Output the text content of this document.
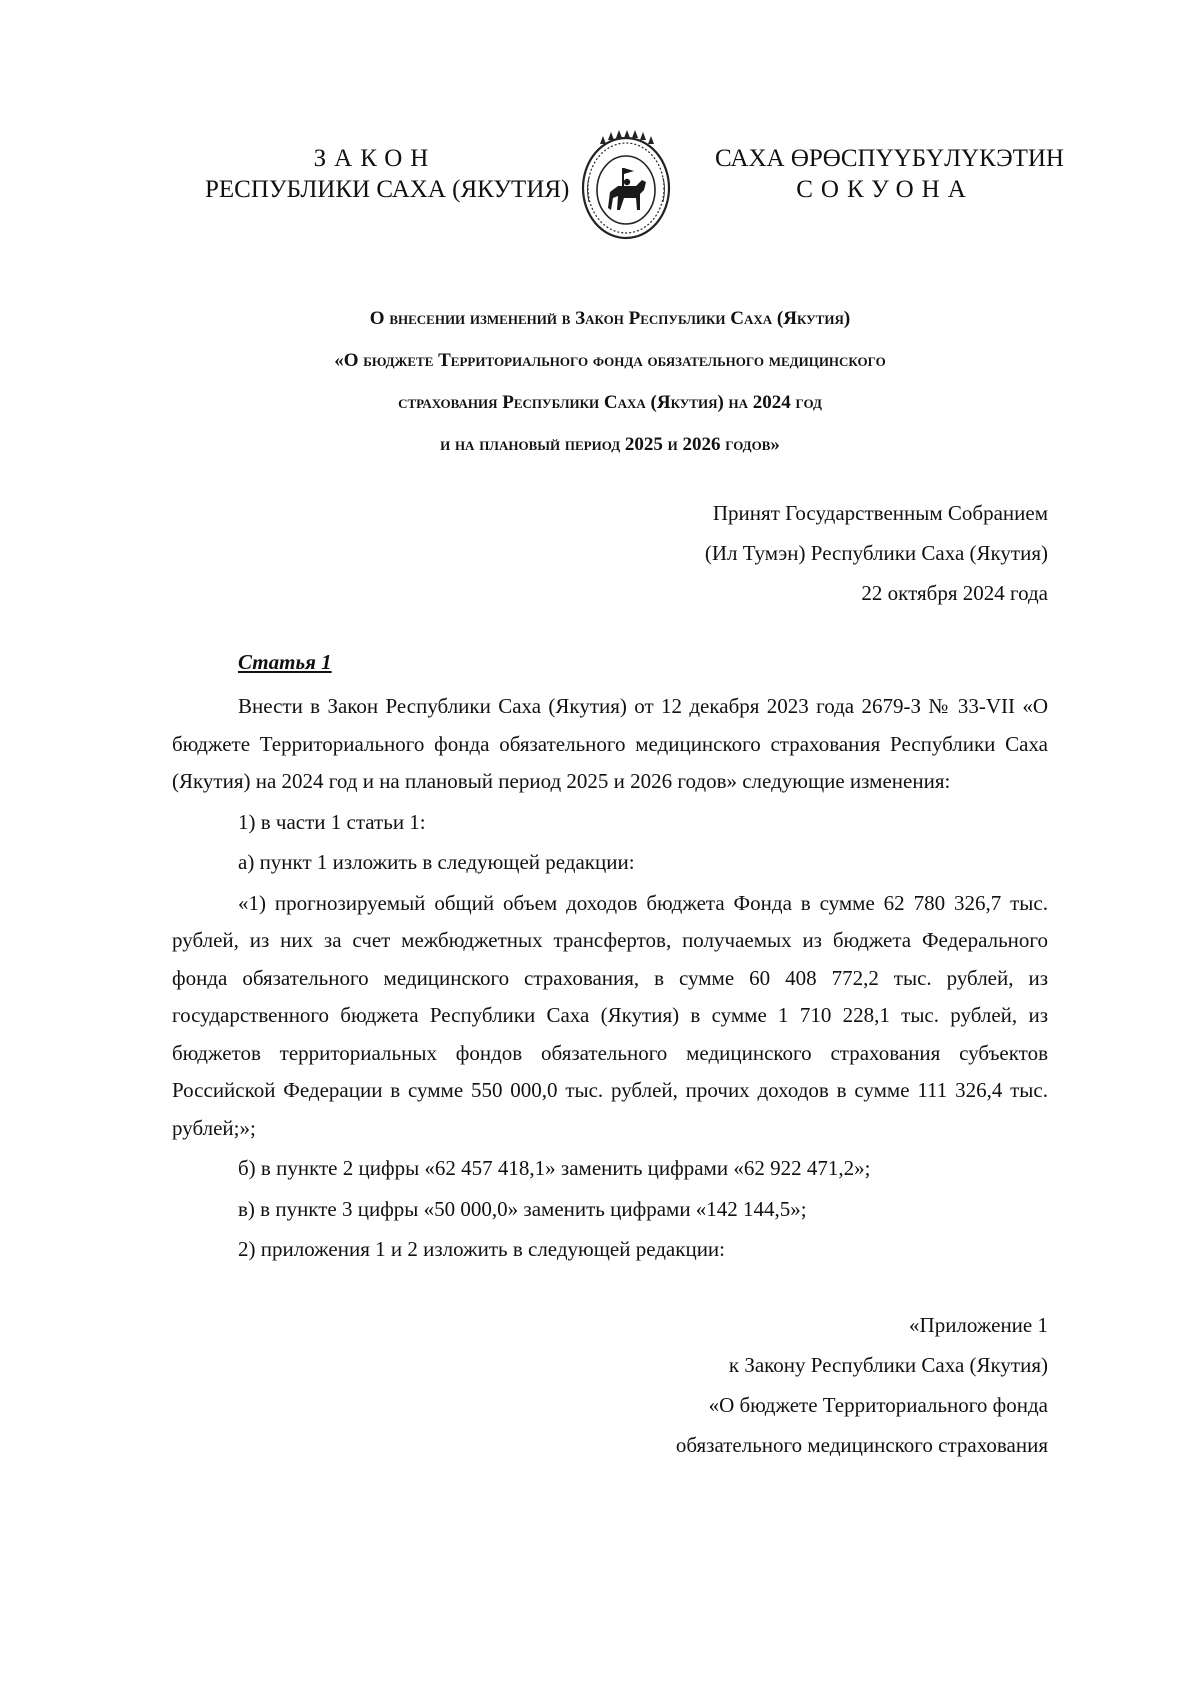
ЗАКОН
РЕСПУБЛИКИ САХА (ЯКУТИЯ)
САХА ӨРӨСПҮҮБҮЛҮКЭТИН
СОКУОНА
О внесении изменений в Закон Республики Саха (Якутия)
«О бюджете Территориального фонда обязательного медицинского
страхования Республики Саха (Якутия) на 2024 год
и на плановый период 2025 и 2026 годов»
Принят Государственным Собранием
(Ил Тумэн) Республики Саха (Якутия)
22 октября 2024 года
Статья 1

Внести в Закон Республики Саха (Якутия) от 12 декабря 2023 года 2679-З № 33-VII «О бюджете Территориального фонда обязательного медицинского страхования Республики Саха (Якутия) на 2024 год и на плановый период 2025 и 2026 годов» следующие изменения:

1) в части 1 статьи 1:

а) пункт 1 изложить в следующей редакции:

«1) прогнозируемый общий объем доходов бюджета Фонда в сумме 62 780 326,7 тыс. рублей, из них за счет межбюджетных трансфертов, получаемых из бюджета Федерального фонда обязательного медицинского страхования, в сумме 60 408 772,2 тыс. рублей, из государственного бюджета Республики Саха (Якутия) в сумме 1 710 228,1 тыс. рублей, из бюджетов территориальных фондов обязательного медицинского страхования субъектов Российской Федерации в сумме 550 000,0 тыс. рублей, прочих доходов в сумме 111 326,4 тыс. рублей;»;

б) в пункте 2 цифры «62 457 418,1» заменить цифрами «62 922 471,2»;

в) в пункте 3 цифры «50 000,0» заменить цифрами «142 144,5»;

2) приложения 1 и 2 изложить в следующей редакции:

«Приложение 1
к Закону Республики Саха (Якутия)
«О бюджете Территориального фонда
обязательного медицинского страхования
